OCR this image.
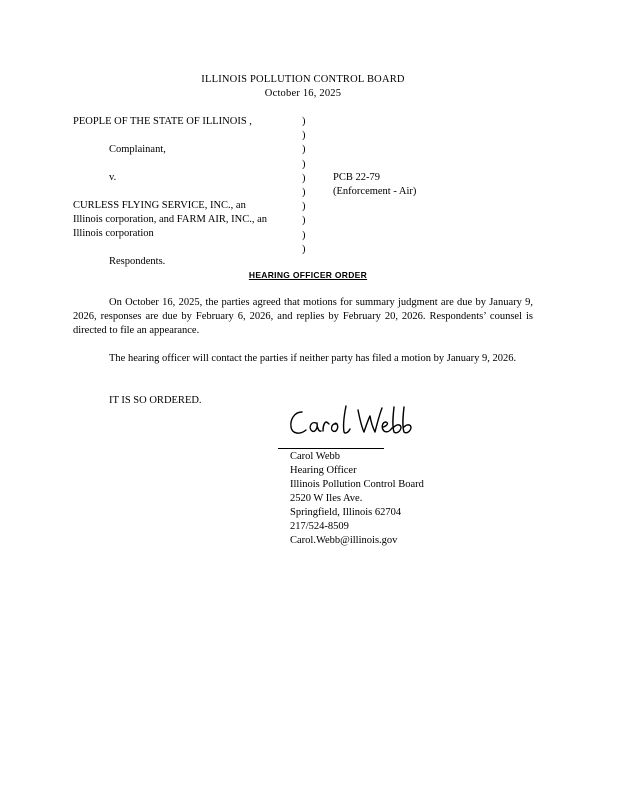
ILLINOIS POLLUTION CONTROL BOARD
October 16, 2025
PEOPLE OF THE STATE OF ILLINOIS ,
Complainant,
v.
CURLESS FLYING SERVICE, INC., an
Illinois corporation, and FARM AIR, INC., an
Illinois corporation
Respondents.
)
)
)
)
)
)
)
)
)
)
PCB 22-79
(Enforcement - Air)
HEARING OFFICER ORDER
On October 16, 2025, the parties agreed that motions for summary judgment are due by January 9, 2026, responses are due by February 6, 2026, and replies by February 20, 2026. Respondents’ counsel is directed to file an appearance.
The hearing officer will contact the parties if neither party has filed a motion by January 9, 2026.
IT IS SO ORDERED.
Carol Webb
Hearing Officer
Illinois Pollution Control Board
2520 W Iles Ave.
Springfield, Illinois 62704
217/524-8509
Carol.Webb@illinois.gov
